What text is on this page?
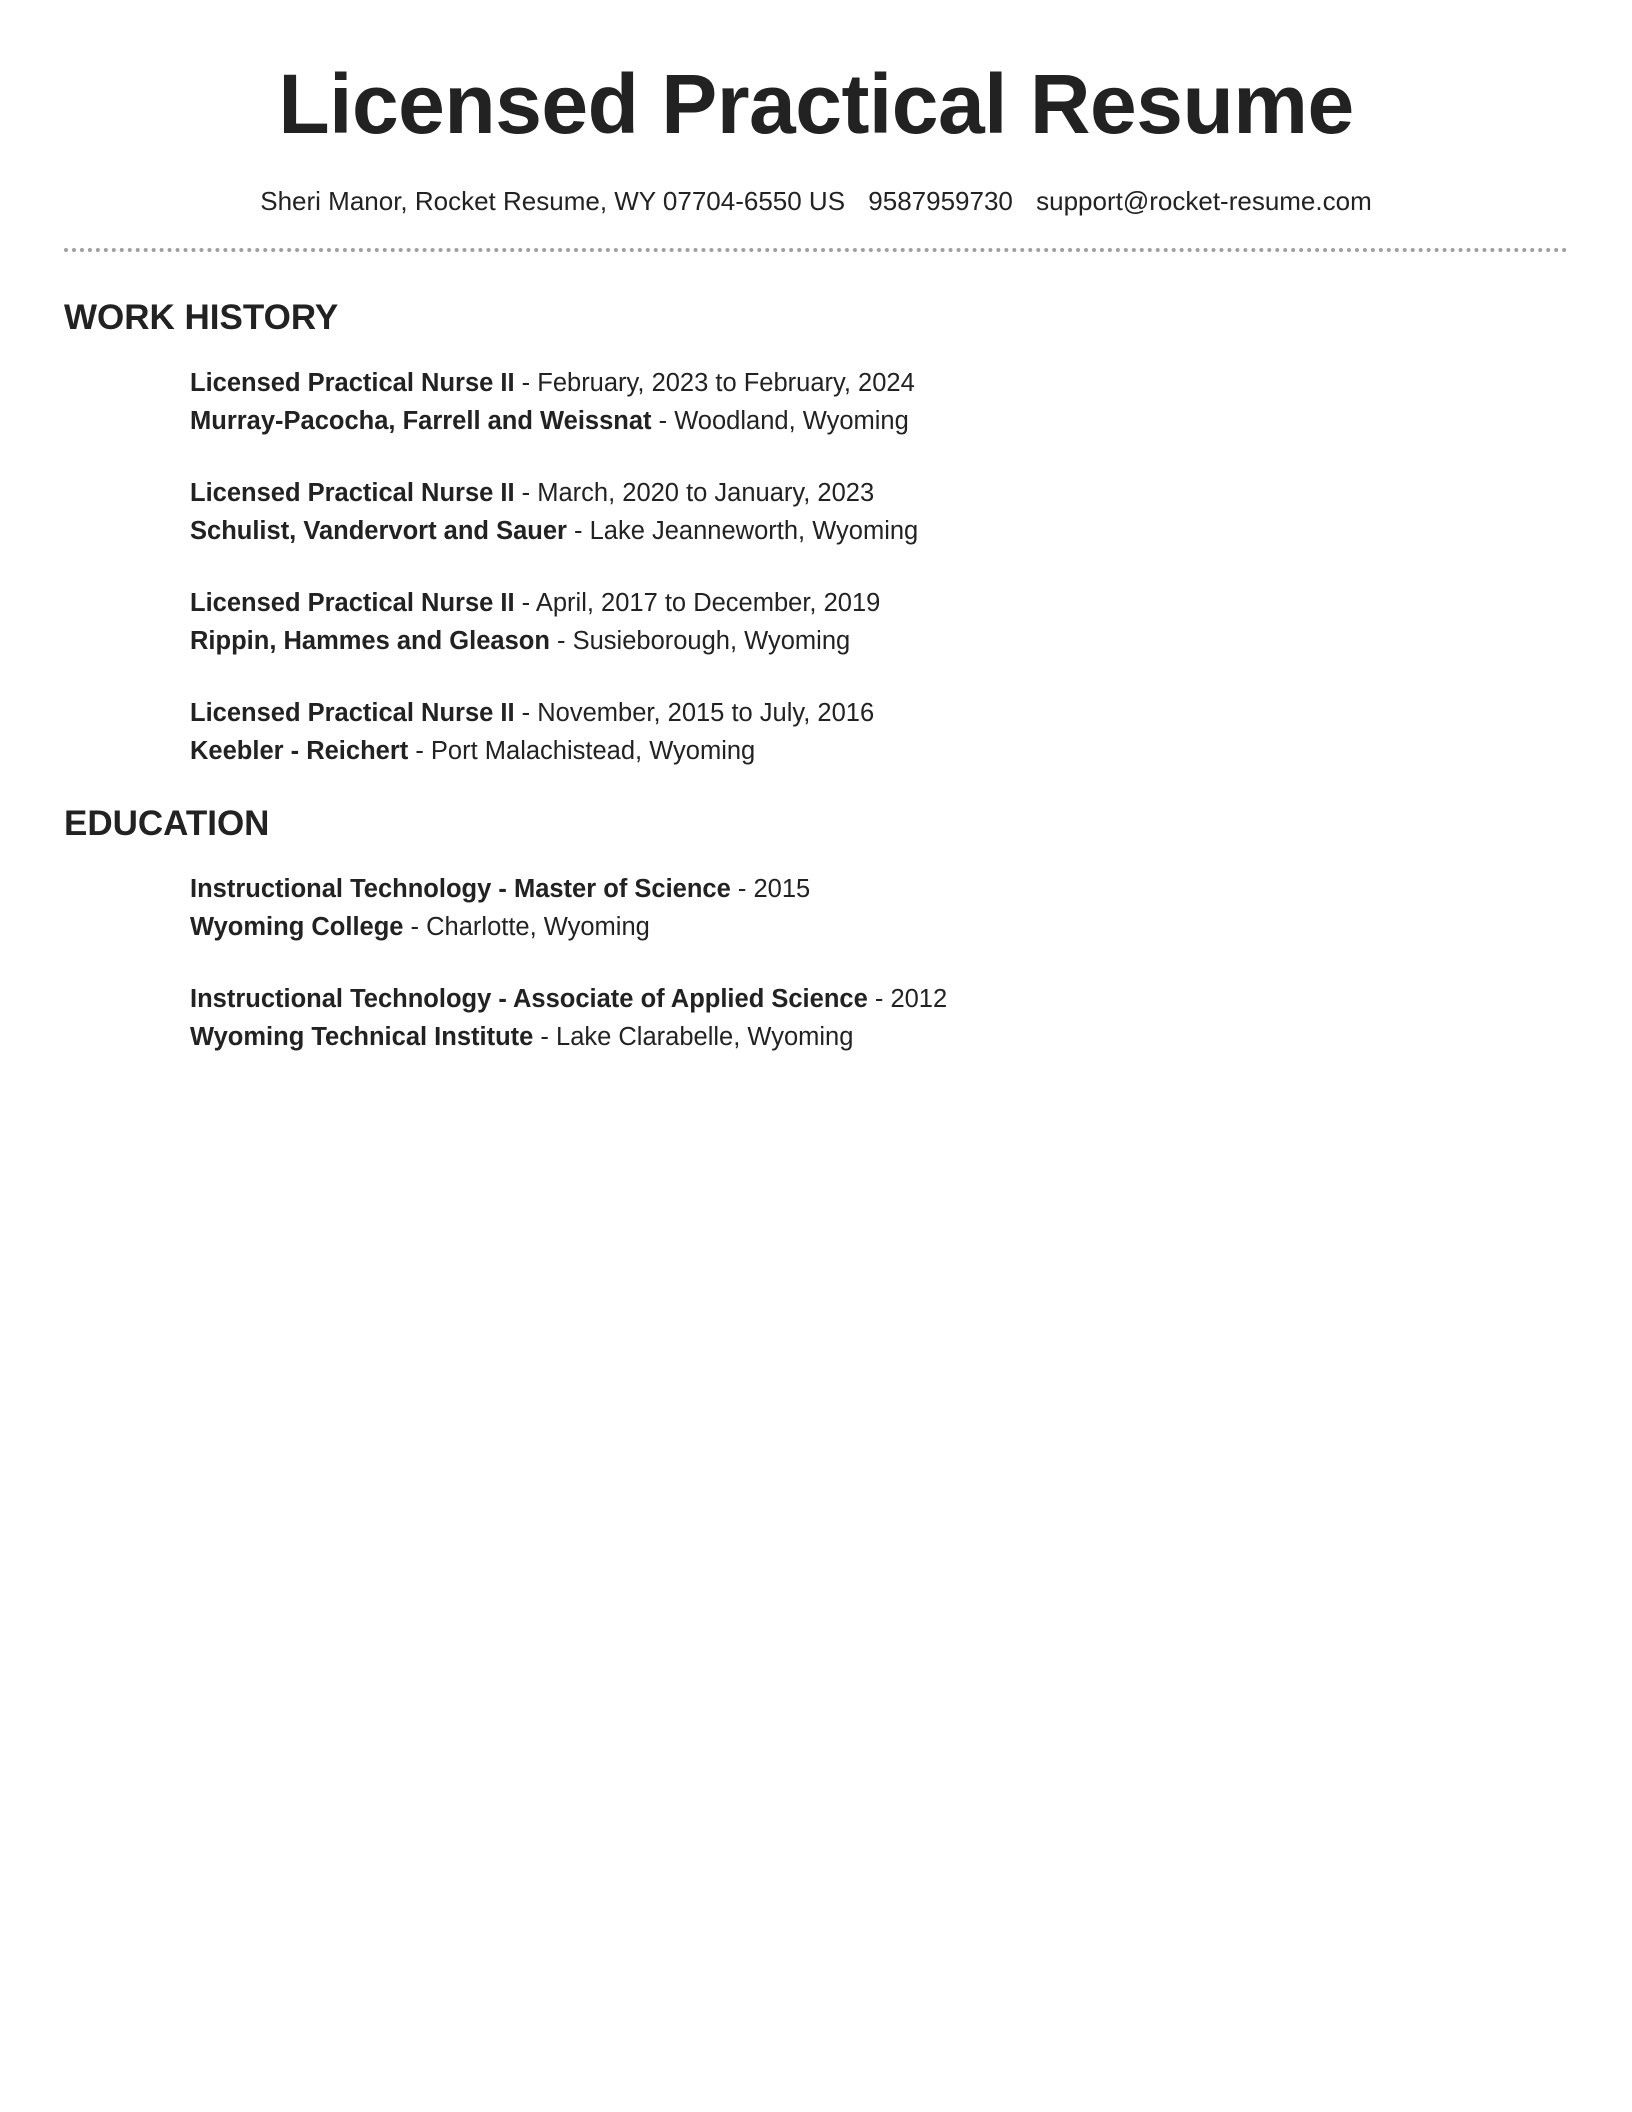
Licensed Practical Resume
Sheri Manor, Rocket Resume, WY 07704-6550 US 9587959730 support@rocket-resume.com
WORK HISTORY
Licensed Practical Nurse II - February, 2023 to February, 2024
Murray-Pacocha, Farrell and Weissnat - Woodland, Wyoming
Licensed Practical Nurse II - March, 2020 to January, 2023
Schulist, Vandervort and Sauer - Lake Jeanneworth, Wyoming
Licensed Practical Nurse II - April, 2017 to December, 2019
Rippin, Hammes and Gleason - Susieborough, Wyoming
Licensed Practical Nurse II - November, 2015 to July, 2016
Keebler - Reichert - Port Malachistead, Wyoming
EDUCATION
Instructional Technology - Master of Science - 2015
Wyoming College - Charlotte, Wyoming
Instructional Technology - Associate of Applied Science - 2012
Wyoming Technical Institute - Lake Clarabelle, Wyoming
